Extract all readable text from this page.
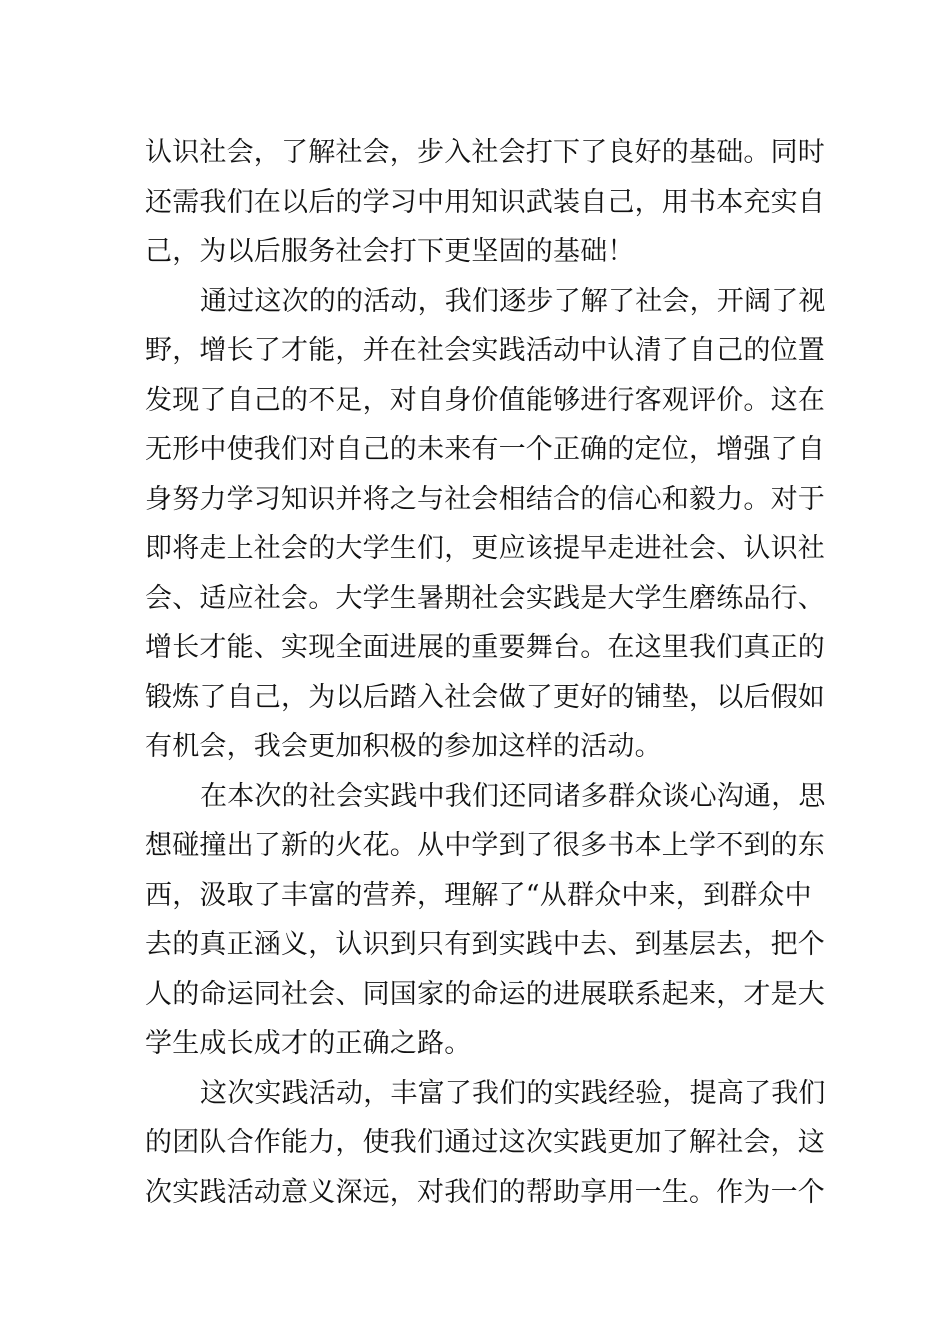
认识社会，了解社会，步入社会打下了良好的基础。同时
还需我们在以后的学习中用知识武装自己，用书本充实自
己，为以后服务社会打下更坚固的基础！
通过这次的的活动，我们逐步了解了社会，开阔了视
野，增长了才能，并在社会实践活动中认清了自己的位置
发现了自己的不足，对自身价值能够进行客观评价。这在
无形中使我们对自己的未来有一个正确的定位，增强了自
身努力学习知识并将之与社会相结合的信心和毅力。对于
即将走上社会的大学生们，更应该提早走进社会、认识社
会、适应社会。大学生暑期社会实践是大学生磨练品行、
增长才能、实现全面进展的重要舞台。在这里我们真正的
锻炼了自己，为以后踏入社会做了更好的铺垫，以后假如
有机会，我会更加积极的参加这样的活动。
在本次的社会实践中我们还同诸多群众谈心沟通，思
想碰撞出了新的火花。从中学到了很多书本上学不到的东
西，汲取了丰富的营养，理解了“从群众中来，到群众中
去的真正涵义，认识到只有到实践中去、到基层去，把个
人的命运同社会、同国家的命运的进展联系起来，才是大
学生成长成才的正确之路。
这次实践活动，丰富了我们的实践经验，提高了我们
的团队合作能力，使我们通过这次实践更加了解社会，这
次实践活动意义深远，对我们的帮助享用一生。作为一个
